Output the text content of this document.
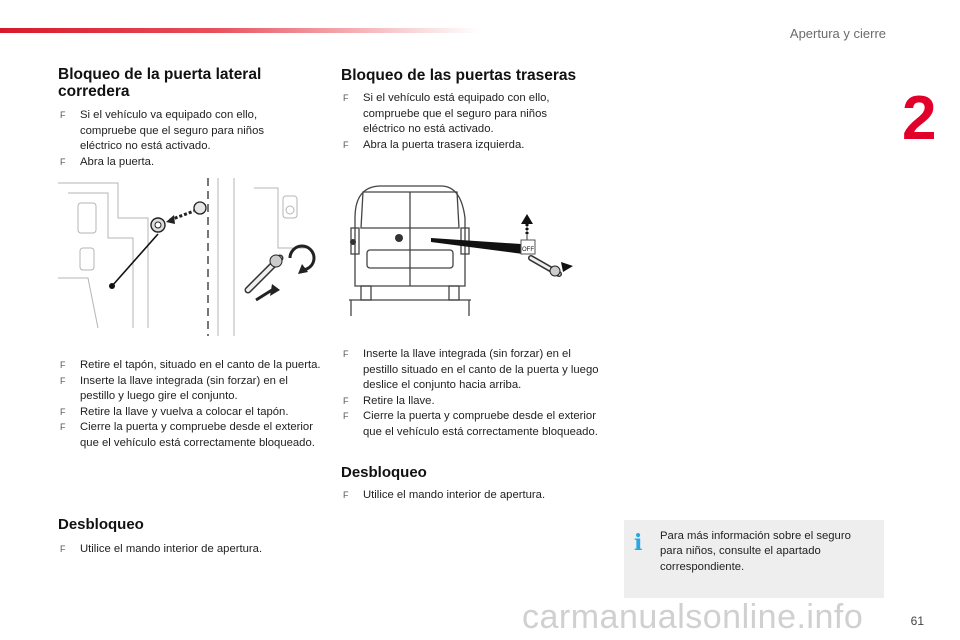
Apertura y cierre
2
Bloqueo de la puerta lateral corredera
F Si el vehículo va equipado con ello, compruebe que el seguro para niños eléctrico no está activado.
F Abra la puerta.
F Retire el tapón, situado en el canto de la puerta.
F Inserte la llave integrada (sin forzar) en el pestillo y luego gire el conjunto.
F Retire la llave y vuelva a colocar el tapón.
F Cierre la puerta y compruebe desde el exterior que el vehículo está correctamente bloqueado.
Desbloqueo
F Utilice el mando interior de apertura.
Bloqueo de las puertas traseras
F Si el vehículo está equipado con ello, compruebe que el seguro para niños eléctrico no está activado.
F Abra la puerta trasera izquierda.
OFF
F Inserte la llave integrada (sin forzar) en el pestillo situado en el canto de la puerta y luego deslice el conjunto hacia arriba.
F Retire la llave.
F Cierre la puerta y compruebe desde el exterior que el vehículo está correctamente bloqueado.
Desbloqueo
F Utilice el mando interior de apertura.
i	Para más información sobre el seguro para niños, consulte el apartado correspondiente.
carmanualsonline.info	61
